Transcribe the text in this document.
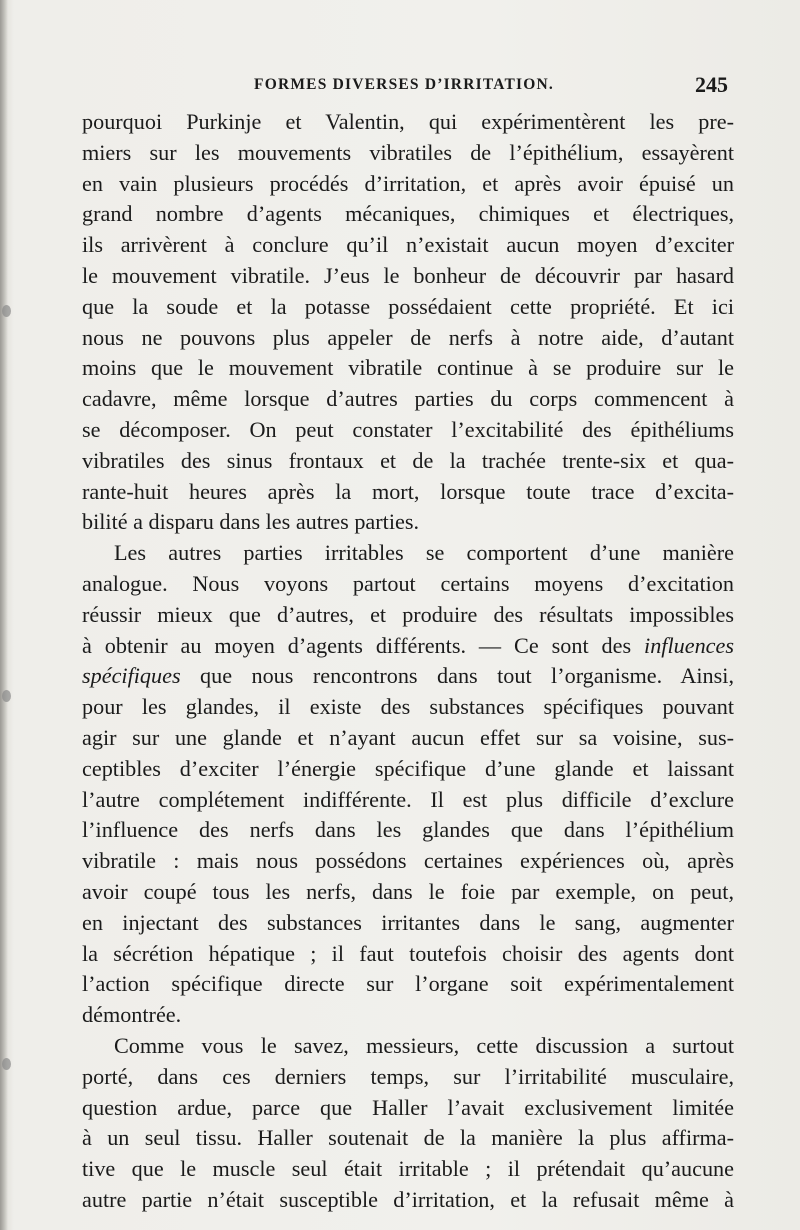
FORMES DIVERSES D’IRRITATION.	245
pourquoi Purkinje et Valentin, qui expérimentèrent les pre-
miers sur les mouvements vibratiles de l’épithélium, essayèrent
en vain plusieurs procédés d’irritation, et après avoir épuisé un
grand nombre d’agents mécaniques, chimiques et électriques,
ils arrivèrent à conclure qu’il n’existait aucun moyen d’exciter
le mouvement vibratile. J’eus le bonheur de découvrir par hasard
que la soude et la potasse possédaient cette propriété. Et ici
nous ne pouvons plus appeler de nerfs à notre aide, d’autant
moins que le mouvement vibratile continue à se produire sur le
cadavre, même lorsque d’autres parties du corps commencent à
se décomposer. On peut constater l’excitabilité des épithéliums
vibratiles des sinus frontaux et de la trachée trente-six et qua-
rante-huit heures après la mort, lorsque toute trace d’excita-
bilité a disparu dans les autres parties.
Les autres parties irritables se comportent d’une manière
analogue. Nous voyons partout certains moyens d’excitation
réussir mieux que d’autres, et produire des résultats impossibles
à obtenir au moyen d’agents différents. — Ce sont des influences
spécifiques que nous rencontrons dans tout l’organisme. Ainsi,
pour les glandes, il existe des substances spécifiques pouvant
agir sur une glande et n’ayant aucun effet sur sa voisine, sus-
ceptibles d’exciter l’énergie spécifique d’une glande et laissant
l’autre complétement indifférente. Il est plus difficile d’exclure
l’influence des nerfs dans les glandes que dans l’épithélium
vibratile : mais nous possédons certaines expériences où, après
avoir coupé tous les nerfs, dans le foie par exemple, on peut,
en injectant des substances irritantes dans le sang, augmenter
la sécrétion hépatique ; il faut toutefois choisir des agents dont
l’action spécifique directe sur l’organe soit expérimentalement
démontrée.
Comme vous le savez, messieurs, cette discussion a surtout
porté, dans ces derniers temps, sur l’irritabilité musculaire,
question ardue, parce que Haller l’avait exclusivement limitée
à un seul tissu. Haller soutenait de la manière la plus affirma-
tive que le muscle seul était irritable ; il prétendait qu’aucune
autre partie n’était susceptible d’irritation, et la refusait même à
